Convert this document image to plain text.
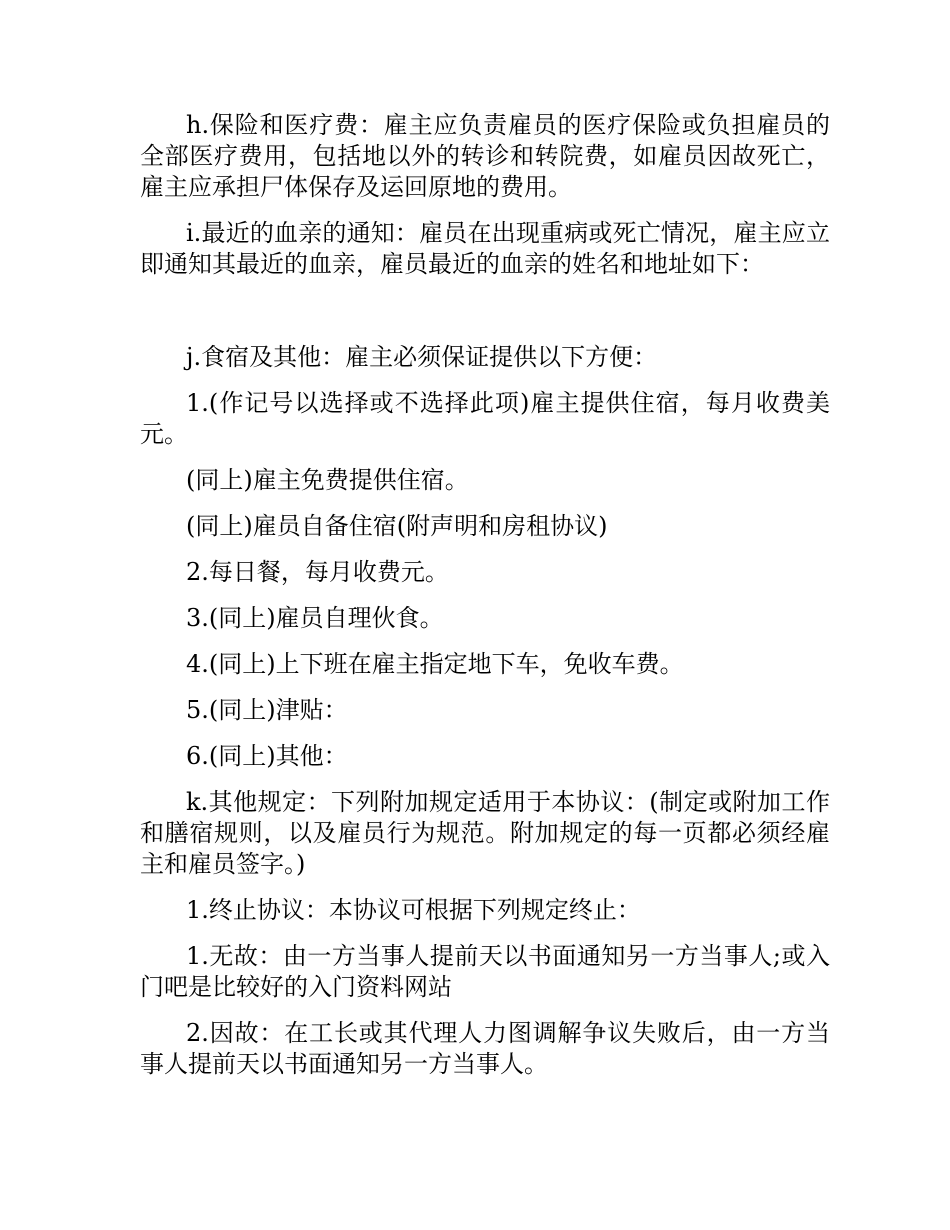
h.保险和医疗费：雇主应负责雇员的医疗保险或负担雇员的全部医疗费用，包括地以外的转诊和转院费，如雇员因故死亡，雇主应承担尸体保存及运回原地的费用。

i.最近的血亲的通知：雇员在出现重病或死亡情况，雇主应立即通知其最近的血亲，雇员最近的血亲的姓名和地址如下：

j.食宿及其他：雇主必须保证提供以下方便：

1.(作记号以选择或不选择此项)雇主提供住宿，每月收费美元。

(同上)雇主免费提供住宿。

(同上)雇员自备住宿(附声明和房租协议)

2.每日餐，每月收费元。

3.(同上)雇员自理伙食。

4.(同上)上下班在雇主指定地下车，免收车费。

5.(同上)津贴：

6.(同上)其他：

k.其他规定：下列附加规定适用于本协议：(制定或附加工作和膳宿规则，以及雇员行为规范。附加规定的每一页都必须经雇主和雇员签字。)

1.终止协议：本协议可根据下列规定终止：

1.无故：由一方当事人提前天以书面通知另一方当事人;或入门吧是比较好的入门资料网站

2.因故：在工长或其代理人力图调解争议失败后，由一方当事人提前天以书面通知另一方当事人。
